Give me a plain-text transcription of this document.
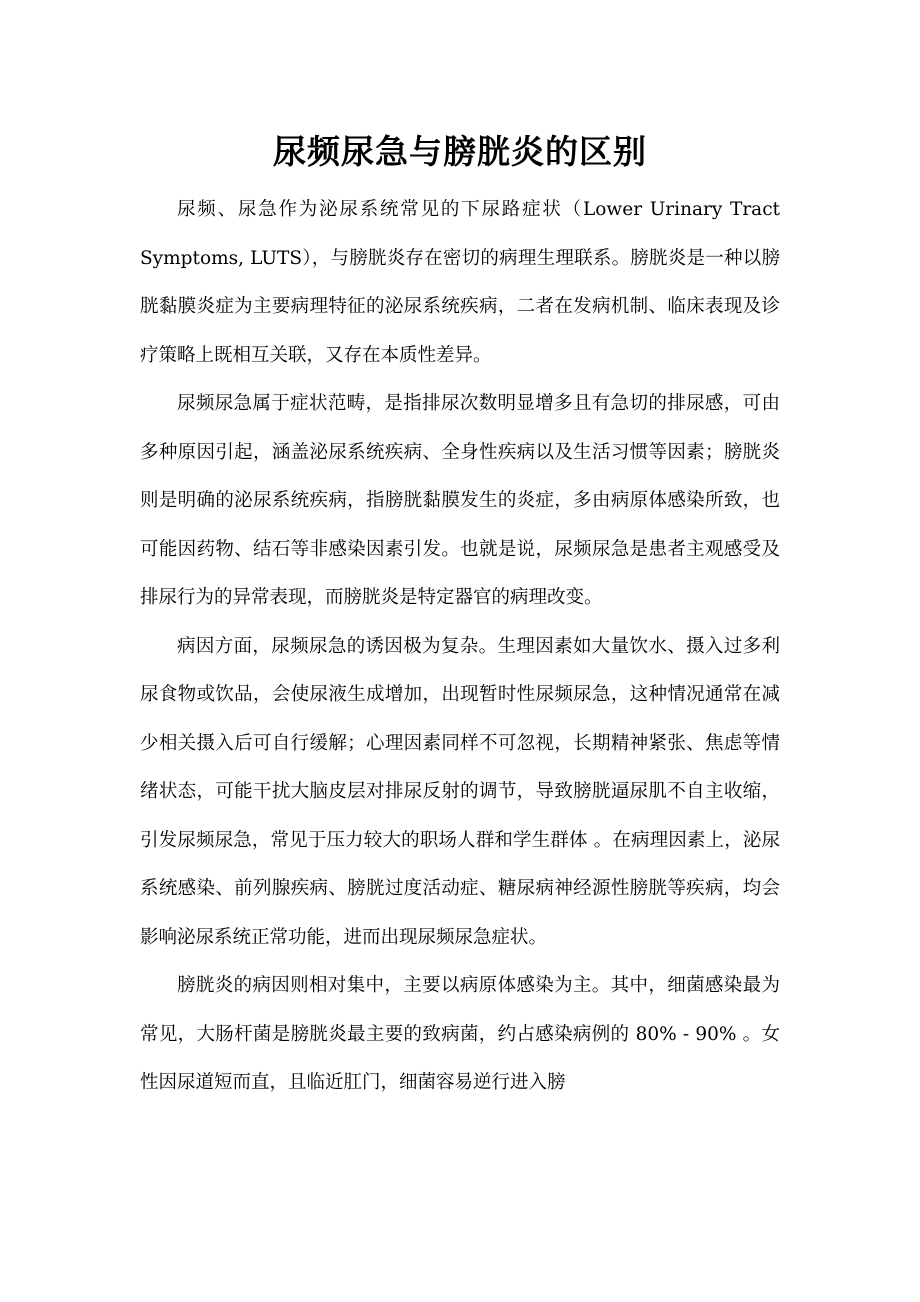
尿频尿急与膀胱炎的区别

尿频、尿急作为泌尿系统常见的下尿路症状（Lower Urinary Tract Symptoms, LUTS），与膀胱炎存在密切的病理生理联系。膀胱炎是一种以膀胱黏膜炎症为主要病理特征的泌尿系统疾病，二者在发病机制、临床表现及诊疗策略上既相互关联，又存在本质性差异。

尿频尿急属于症状范畴，是指排尿次数明显增多且有急切的排尿感，可由多种原因引起，涵盖泌尿系统疾病、全身性疾病以及生活习惯等因素；膀胱炎则是明确的泌尿系统疾病，指膀胱黏膜发生的炎症，多由病原体感染所致，也可能因药物、结石等非感染因素引发。也就是说，尿频尿急是患者主观感受及排尿行为的异常表现，而膀胱炎是特定器官的病理改变。

病因方面，尿频尿急的诱因极为复杂。生理因素如大量饮水、摄入过多利尿食物或饮品，会使尿液生成增加，出现暂时性尿频尿急，这种情况通常在减少相关摄入后可自行缓解；心理因素同样不可忽视，长期精神紧张、焦虑等情绪状态，可能干扰大脑皮层对排尿反射的调节，导致膀胱逼尿肌不自主收缩，引发尿频尿急，常见于压力较大的职场人群和学生群体 。在病理因素上，泌尿系统感染、前列腺疾病、膀胱过度活动症、糖尿病神经源性膀胱等疾病，均会影响泌尿系统正常功能，进而出现尿频尿急症状。

膀胱炎的病因则相对集中，主要以病原体感染为主。其中，细菌感染最为常见，大肠杆菌是膀胱炎最主要的致病菌，约占感染病例的 80% - 90% 。女性因尿道短而直，且临近肛门，细菌容易逆行进入膀
